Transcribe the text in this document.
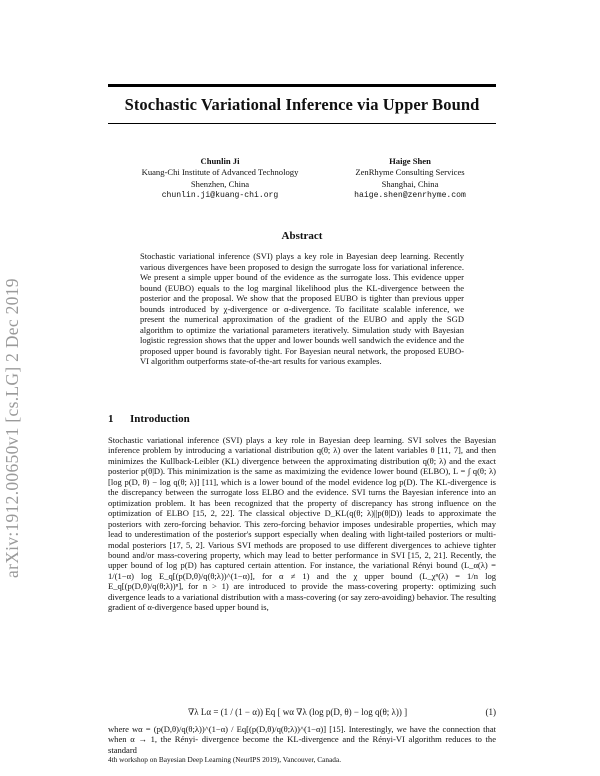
arXiv:1912.00650v1 [cs.LG] 2 Dec 2019
Stochastic Variational Inference via Upper Bound
Chunlin Ji
Kuang-Chi Institute of Advanced Technology
Shenzhen, China
chunlin.ji@kuang-chi.org
Haige Shen
ZenRhyme Consulting Services
Shanghai, China
haige.shen@zenrhyme.com
Abstract
Stochastic variational inference (SVI) plays a key role in Bayesian deep learning. Recently various divergences have been proposed to design the surrogate loss for variational inference. We present a simple upper bound of the evidence as the surrogate loss. This evidence upper bound (EUBO) equals to the log marginal likelihood plus the KL-divergence between the posterior and the proposal. We show that the proposed EUBO is tighter than previous upper bounds introduced by χ-divergence or α-divergence. To facilitate scalable inference, we present the numerical approximation of the gradient of the EUBO and apply the SGD algorithm to optimize the variational parameters iteratively. Simulation study with Bayesian logistic regression shows that the upper and lower bounds well sandwich the evidence and the proposed upper bound is favorably tight. For Bayesian neural network, the proposed EUBO-VI algorithm outperforms state-of-the-art results for various examples.
1 Introduction

Stochastic variational inference (SVI) plays a key role in Bayesian deep learning. SVI solves the Bayesian inference problem by introducing a variational distribution q(θ; λ) over the latent variables θ [11, 7], and then minimizes the Kullback-Leibler (KL) divergence between the approximating distribution q(θ; λ) and the exact posterior p(θ|D). This minimization is the same as maximizing the evidence lower bound (ELBO), L = ∫ q(θ; λ)[log p(D, θ) − log q(θ; λ)] [11], which is a lower bound of the model evidence log p(D). The KL-divergence is the discrepancy between the surrogate loss ELBO and the evidence. SVI turns the Bayesian inference into an optimization problem. It has been recognized that the property of discrepancy has strong influence on the optimization of ELBO [15, 2, 22]. The classical objective D_KL(q(θ; λ)||p(θ|D)) leads to approximate the posteriors with zero-forcing behavior. This zero-forcing behavior imposes undesirable properties, which may lead to underestimation of the posterior's support especially when dealing with light-tailed posteriors or multi-modal posteriors [17, 5, 2]. Various SVI methods are proposed to use different divergences to achieve tighter bound and/or mass-covering property, which may lead to better performance in SVI [15, 2, 21]. Recently, the upper bound of log p(D) has captured certain attention. For instance, the variational Rényi bound (L_α(λ) = 1/(1−α) log E_q[(p(D,θ)/q(θ;λ))^(1−α)], for α ≠ 1) and the χ upper bound (L_χⁿ(λ) = 1/n log E_q[(p(D,θ)/q(θ;λ))ⁿ], for n > 1) are introduced to provide the mass-covering property: optimizing such divergence leads to a variational distribution with a mass-covering (or say zero-avoiding) behavior. The resulting gradient of α-divergence based upper bound is,

∇λ Lα = (1 / (1 − α)) Eq [ wα ∇λ (log p(D, θ) − log q(θ; λ)) ]	(1)

where wα = (p(D,θ)/q(θ;λ))^(1−α) / Eq[(p(D,θ)/q(θ;λ))^(1−α)] [15]. Interestingly, we have the connection that when α → 1, the Rényi- divergence become the KL-divergence and the Rényi-VI algorithm reduces to the standard

4th workshop on Bayesian Deep Learning (NeurIPS 2019), Vancouver, Canada.
